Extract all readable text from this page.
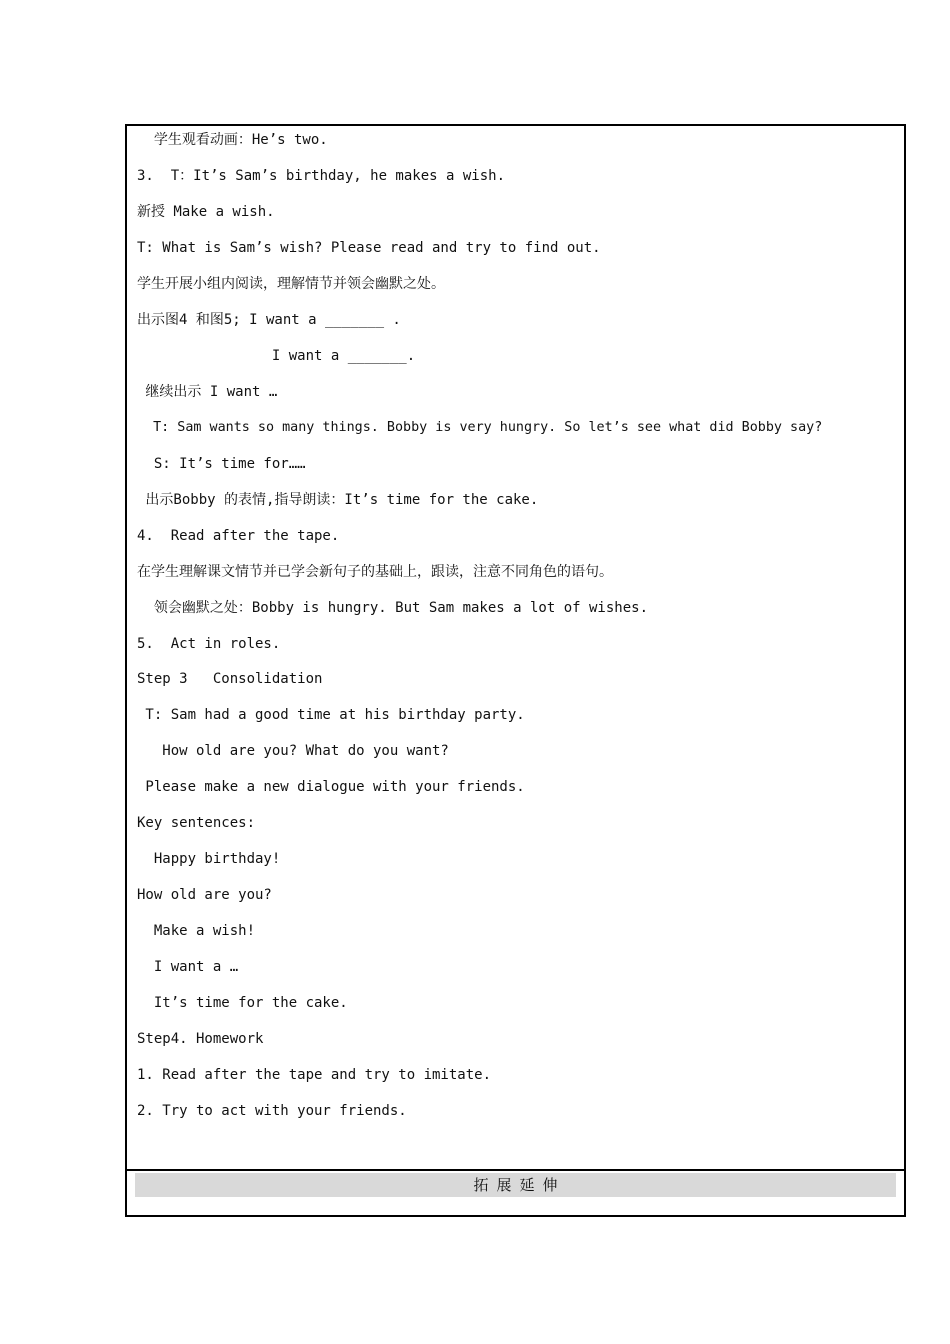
学生观看动画：He’s two.
3.  T：It’s Sam’s birthday, he makes a wish.
新授 Make a wish.
T: What is Sam’s wish? Please read and try to find out.
学生开展小组内阅读，理解情节并领会幽默之处。
出示图4 和图5; I want a _______ .
I want a _______.
继续出示 I want …
T: Sam wants so many things. Bobby is very hungry. So let’s see what did Bobby say?
S: It’s time for……
出示Bobby 的表情,指导朗读：It’s time for the cake.
4.  Read after the tape.
在学生理解课文情节并已学会新句子的基础上，跟读，注意不同角色的语句。
领会幽默之处：Bobby is hungry. But Sam makes a lot of wishes.
5.  Act in roles.
Step 3   Consolidation
T: Sam had a good time at his birthday party.
How old are you? What do you want?
Please make a new dialogue with your friends.
Key sentences:
Happy birthday!
How old are you?
Make a wish!
I want a …
It’s time for the cake.
Step4. Homework
1. Read after the tape and try to imitate.
2. Try to act with your friends.
拓展延伸
